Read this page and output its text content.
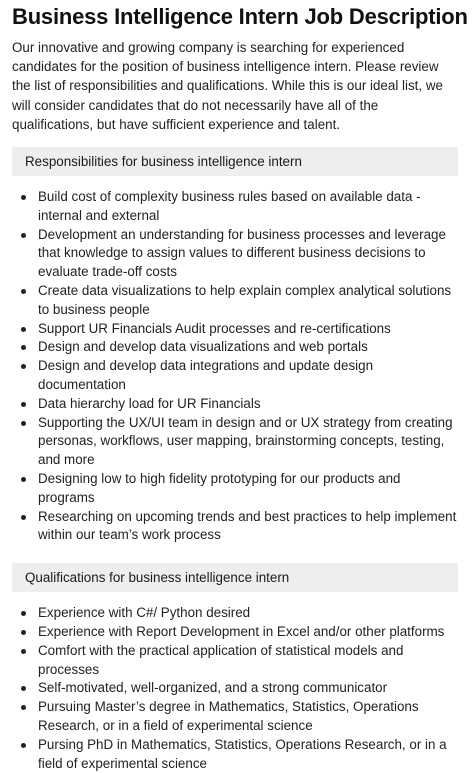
Business Intelligence Intern Job Description

Our innovative and growing company is searching for experienced candidates for the position of business intelligence intern. Please review the list of responsibilities and qualifications. While this is our ideal list, we will consider candidates that do not necessarily have all of the qualifications, but have sufficient experience and talent.

Responsibilities for business intelligence intern
Build cost of complexity business rules based on available data - internal and external
Development an understanding for business processes and leverage that knowledge to assign values to different business decisions to evaluate trade-off costs
Create data visualizations to help explain complex analytical solutions to business people
Support UR Financials Audit processes and re-certifications
Design and develop data visualizations and web portals
Design and develop data integrations and update design documentation
Data hierarchy load for UR Financials
Supporting the UX/UI team in design and or UX strategy from creating personas, workflows, user mapping, brainstorming concepts, testing, and more
Designing low to high fidelity prototyping for our products and programs
Researching on upcoming trends and best practices to help implement within our team’s work process
Qualifications for business intelligence intern
Experience with C#/ Python desired
Experience with Report Development in Excel and/or other platforms
Comfort with the practical application of statistical models and processes
Self-motivated, well-organized, and a strong communicator
Pursuing Master’s degree in Mathematics, Statistics, Operations Research, or in a field of experimental science
Pursing PhD in Mathematics, Statistics, Operations Research, or in a field of experimental science
